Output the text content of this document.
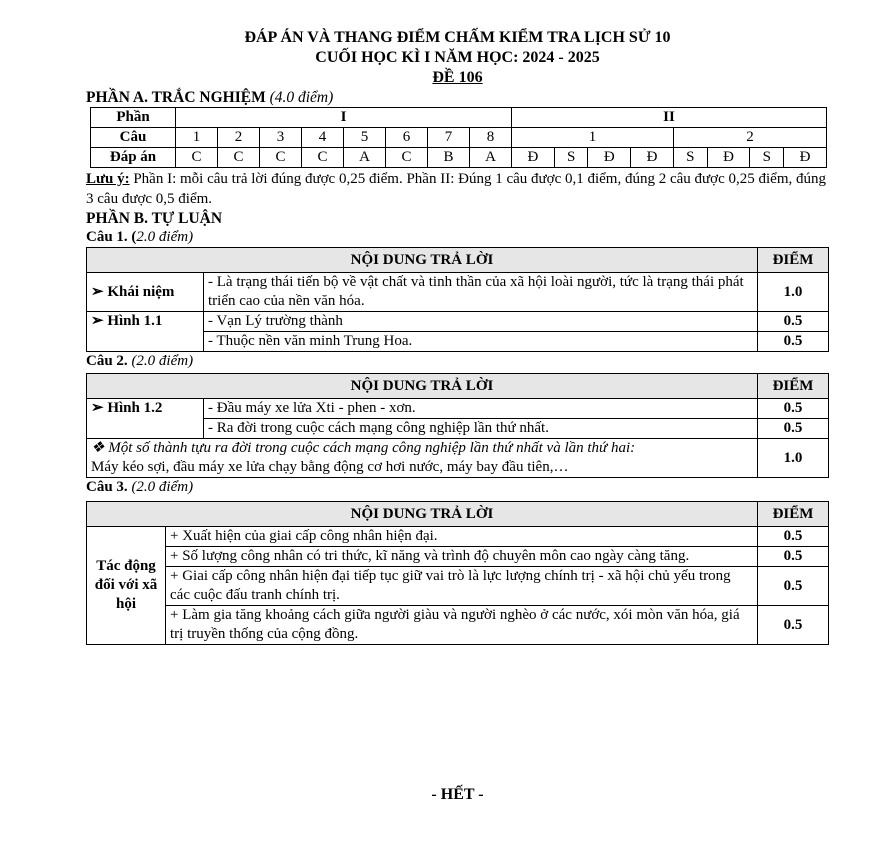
ĐÁP ÁN VÀ THANG ĐIỂM CHẤM KIỂM TRA LỊCH SỬ 10
CUỐI HỌC KÌ I NĂM HỌC: 2024 - 2025
ĐỀ 106
PHẦN A. TRẮC NGHIỆM (4.0 điểm)
Phần	I								II							
Câu	1	2	3	4	5	6	7	8	1				2			
Đáp án	C	C	C	C	A	C	B	A	Đ	S	Đ	Đ	S	Đ	S	Đ
Lưu ý: Phần I: mỗi câu trả lời đúng được 0,25 điểm. Phần II: Đúng 1 câu được 0,1 điểm, đúng 2 câu được 0,25 điểm, đúng 3 câu được 0,5 điểm.
PHẦN B. TỰ LUẬN
Câu 1. (2.0 điểm)
NỘI DUNG TRẢ LỜI		ĐIỂM
➢ Khái niệm	- Là trạng thái tiến bộ về vật chất và tinh thần của xã hội loài người, tức là trạng thái phát triển cao của nền văn hóa.	1.0
➢ Hình 1.1	- Vạn Lý trường thành	0.5
	- Thuộc nền văn minh Trung Hoa.	0.5
Câu 2. (2.0 điểm)
NỘI DUNG TRẢ LỜI		ĐIỂM
➢ Hình 1.2	- Đầu máy xe lửa Xti - phen - xơn.	0.5
	- Ra đời trong cuộc cách mạng công nghiệp lần thứ nhất.	0.5
❖ Một số thành tựu ra đời trong cuộc cách mạng công nghiệp lần thứ nhất và lần thứ hai:
Máy kéo sợi, đầu máy xe lửa chạy bằng động cơ hơi nước, máy bay đầu tiên,…		1.0
Câu 3. (2.0 điểm)
NỘI DUNG TRẢ LỜI		ĐIỂM

Tác động đối với xã hội	+ Xuất hiện của giai cấp công nhân hiện đại.	0.5
	+ Số lượng công nhân có tri thức, kĩ năng và trình độ chuyên môn cao ngày càng tăng.	0.5
	+ Giai cấp công nhân hiện đại tiếp tục giữ vai trò là lực lượng chính trị - xã hội chủ yếu trong các cuộc đấu tranh chính trị.	0.5
	+ Làm gia tăng khoảng cách giữa người giàu và người nghèo ở các nước, xói mòn văn hóa, giá trị truyền thống của cộng đồng.	0.5
- HẾT -
